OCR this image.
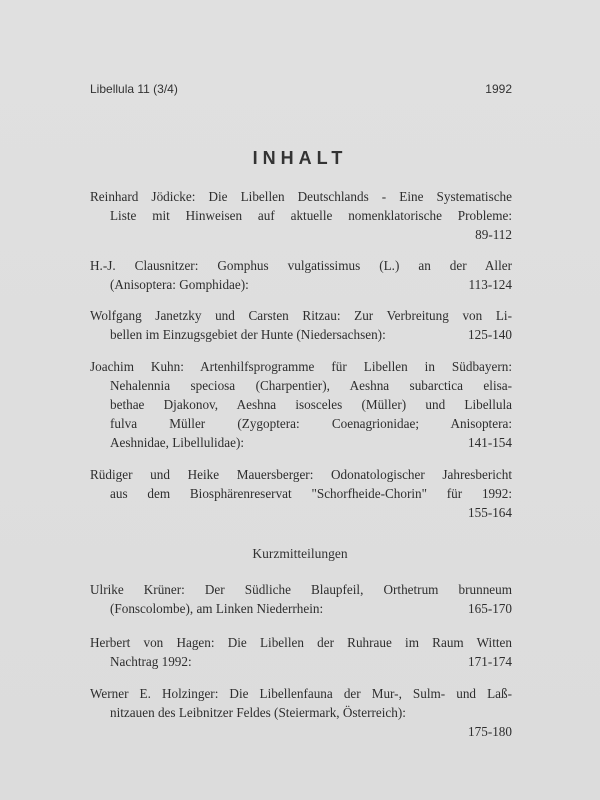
Libellula 11 (3/4)	1992
INHALT
Reinhard Jödicke: Die Libellen Deutschlands - Eine Systematische
Liste mit Hinweisen auf aktuelle nomenklatorische Probleme:
89-112
H.-J. Clausnitzer: Gomphus vulgatissimus (L.) an der Aller
(Anisoptera: Gomphidae):	113-124
Wolfgang Janetzky und Carsten Ritzau: Zur Verbreitung von Li-
bellen im Einzugsgebiet der Hunte (Niedersachsen):	125-140
Joachim Kuhn: Artenhilfsprogramme für Libellen in Südbayern:
Nehalennia speciosa (Charpentier), Aeshna subarctica elisa-
bethae Djakonov, Aeshna isosceles (Müller) und Libellula
fulva Müller (Zygoptera: Coenagrionidae; Anisoptera:
Aeshnidae, Libellulidae):	141-154
Rüdiger und Heike Mauersberger: Odonatologischer Jahresbericht
aus dem Biosphärenreservat "Schorfheide-Chorin" für 1992:
155-164
Ulrike Krüner: Der Südliche Blaupfeil, Orthetrum brunneum
(Fonscolombe), am Linken Niederrhein:	165-170
Herbert von Hagen: Die Libellen der Ruhraue im Raum Witten
Nachtrag 1992:	171-174
Werner E. Holzinger: Die Libellenfauna der Mur-, Sulm- und Laß-
nitzauen des Leibnitzer Feldes (Steiermark, Österreich):
175-180
Kurzmitteilungen
